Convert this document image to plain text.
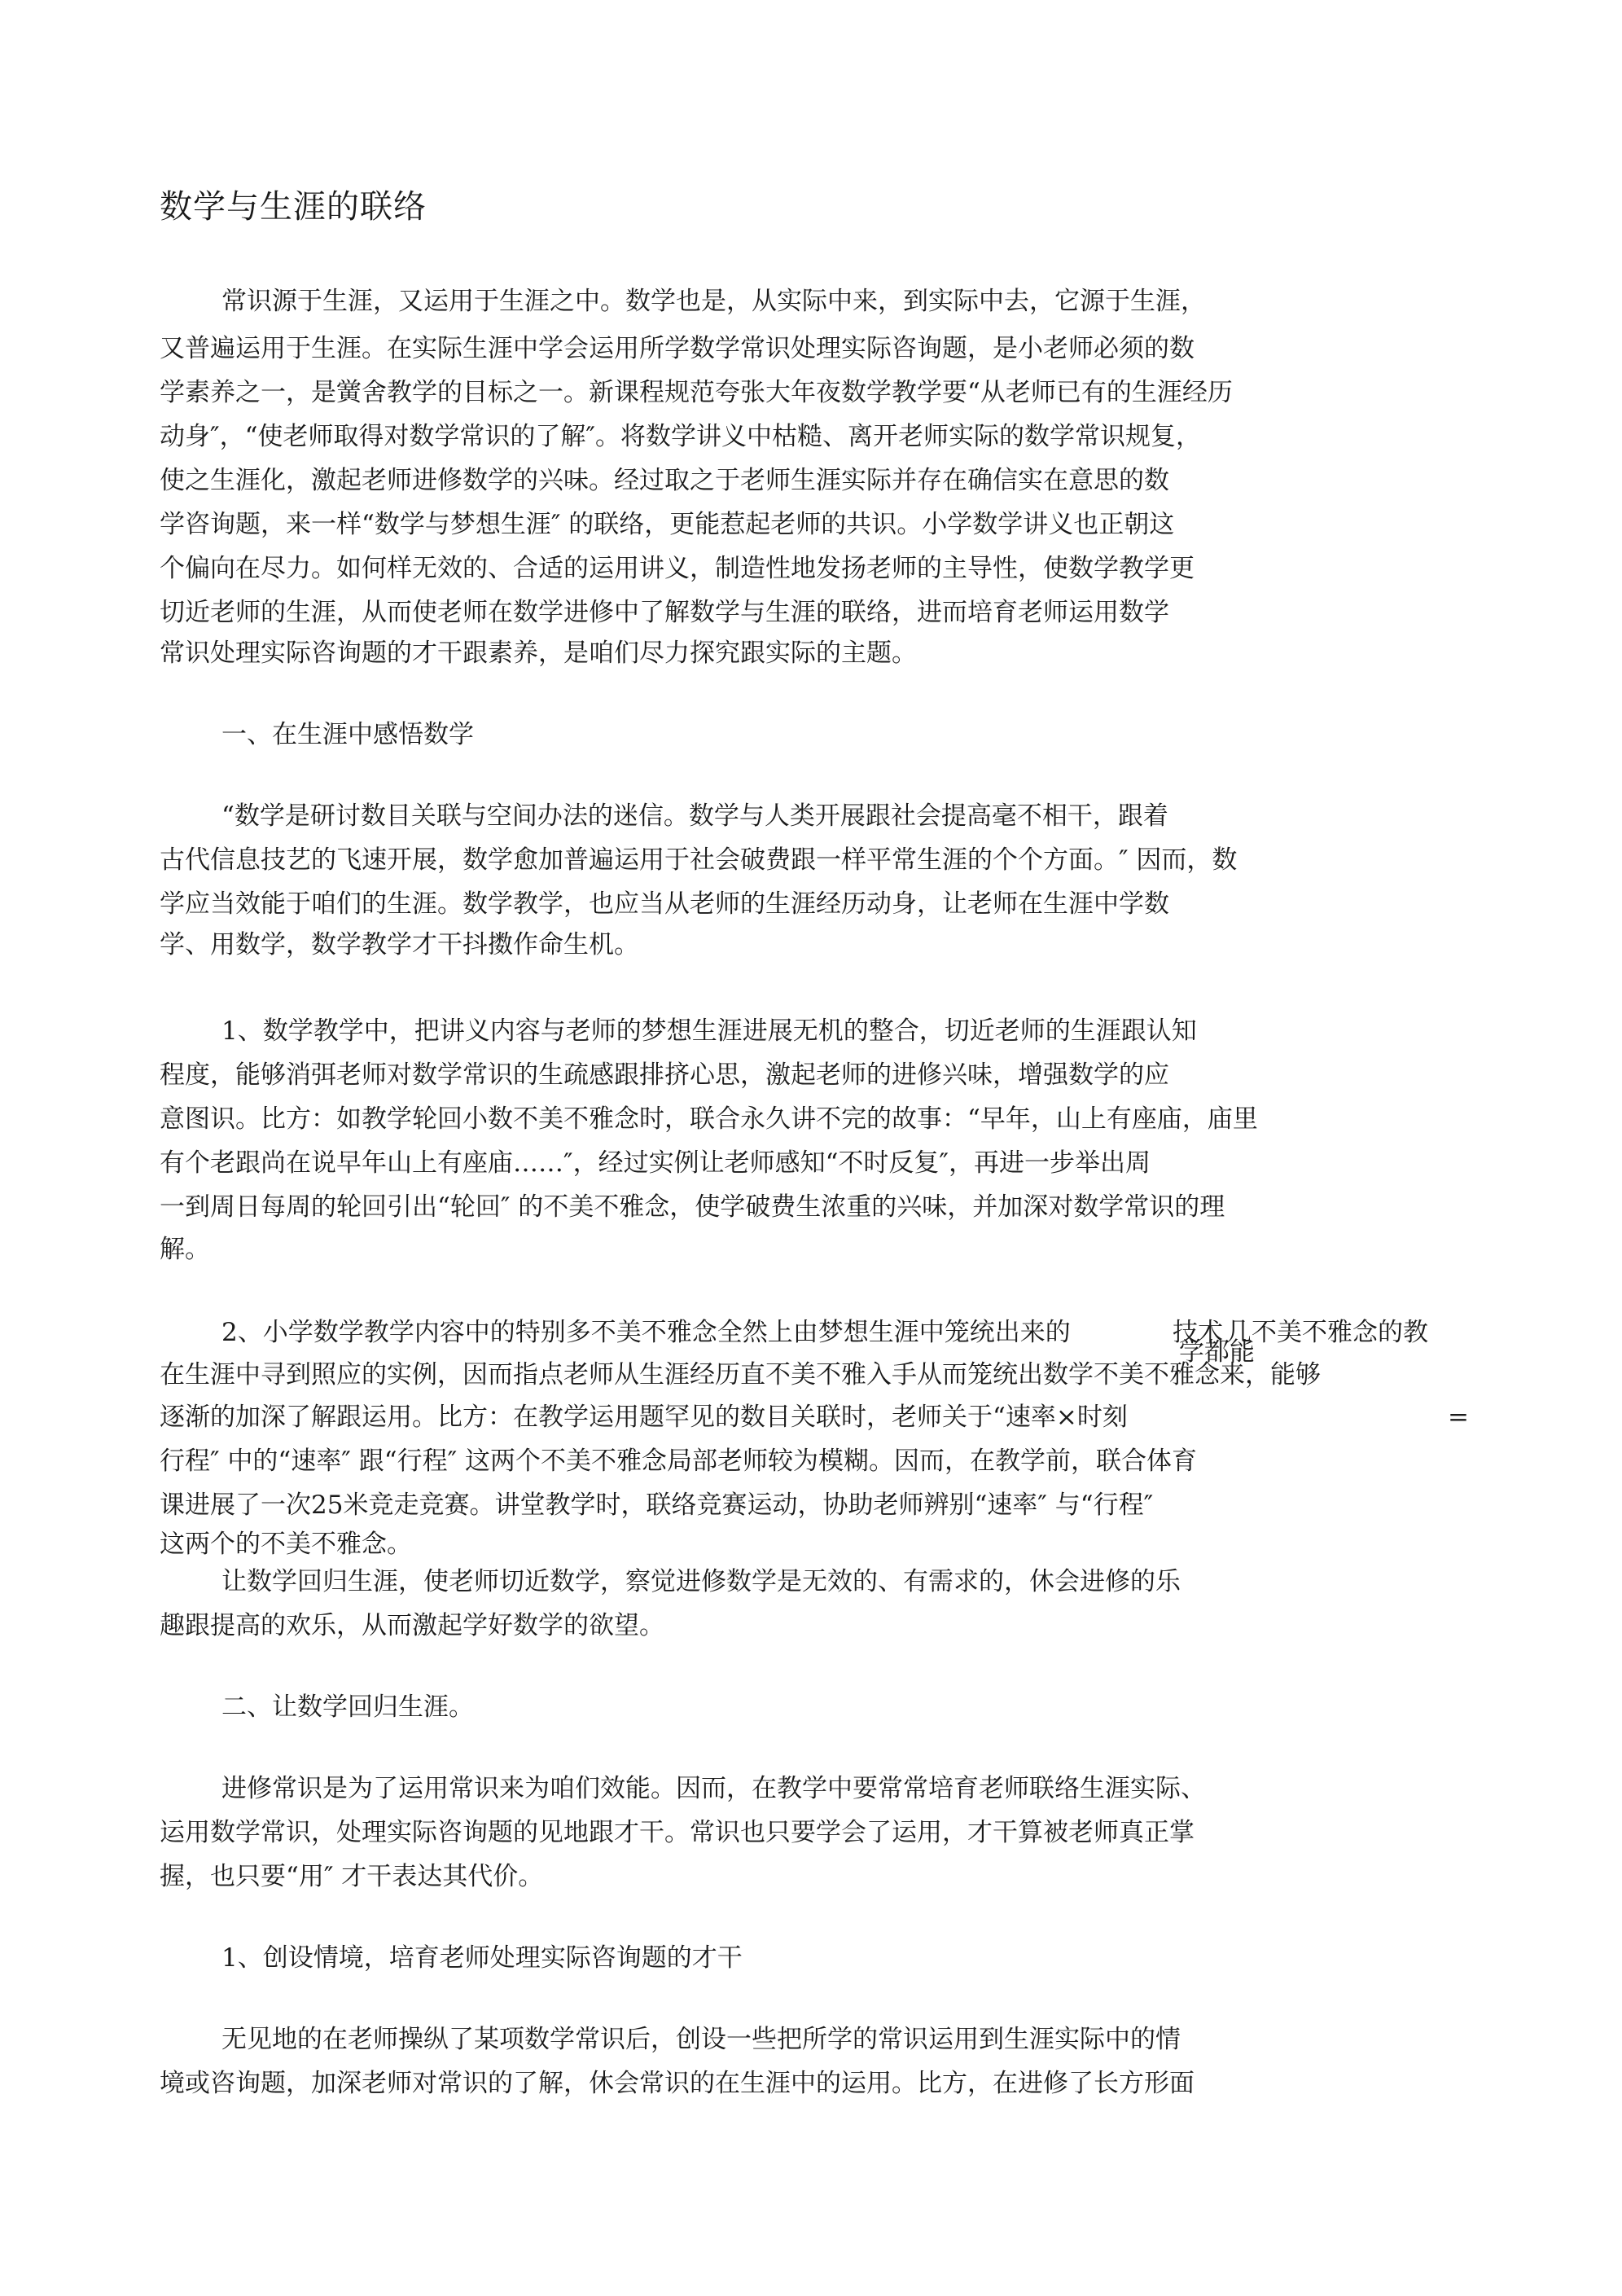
数学与生涯的联络

常识源于生涯，又运用于生涯之中。数学也是，从实际中来，到实际中去，它源于生涯，

又普遍运用于生涯。在实际生涯中学会运用所学数学常识处理实际咨询题，是小老师必须的数

学素养之一，是黉舍教学的目标之一。新课程规范夸张大年夜数学教学要“从老师已有的生涯经历

动身″，“使老师取得对数学常识的了解″。将数学讲义中枯糙、离开老师实际的数学常识规复，

使之生涯化，激起老师进修数学的兴味。经过取之于老师生涯实际并存在确信实在意思的数

学咨询题，来一样“数学与梦想生涯″ 的联络，更能惹起老师的共识。小学数学讲义也正朝这

个偏向在尽力。如何样无效的、合适的运用讲义，制造性地发扬老师的主导性，使数学教学更

切近老师的生涯，从而使老师在数学进修中了解数学与生涯的联络，进而培育老师运用数学

常识处理实际咨询题的才干跟素养，是咱们尽力探究跟实际的主题。

一、在生涯中感悟数学

“数学是研讨数目关联与空间办法的迷信。数学与人类开展跟社会提高毫不相干，跟着

古代信息技艺的飞速开展，数学愈加普遍运用于社会破费跟一样平常生涯的个个方面。″ 因而，数

学应当效能于咱们的生涯。数学教学，也应当从老师的生涯经历动身，让老师在生涯中学数

学、用数学，数学教学才干抖擞作命生机。

1、数学教学中，把讲义内容与老师的梦想生涯进展无机的整合，切近老师的生涯跟认知

程度，能够消弭老师对数学常识的生疏感跟排挤心思，激起老师的进修兴味，增强数学的应

意图识。比方：如教学轮回小数不美不雅念时，联合永久讲不完的故事：“早年，山上有座庙，庙里

有个老跟尚在说早年山上有座庙……″，经过实例让老师感知“不时反复″，再进一步举出周

一到周日每周的轮回引出“轮回″ 的不美不雅念，使学破费生浓重的兴味，并加深对数学常识的理

解。

2、小学数学教学内容中的特别多不美不雅念全然上由梦想生涯中笼统出来的	技术
学都能

几不美不雅念的教

在生涯中寻到照应的实例，因而指点老师从生涯经历直不美不雅入手从而笼统出数学不美不雅念来，能够

逐渐的加深了解跟运用。比方：在教学运用题罕见的数目关联时，老师关于“速率×时刻	=

行程″ 中的“速率″ 跟“行程″ 这两个不美不雅念局部老师较为模糊。因而，在教学前，联合体育

课进展了一次25米竞走竞赛。讲堂教学时，联络竞赛运动，协助老师辨别“速率″ 与“行程″

这两个的不美不雅念。

让数学回归生涯，使老师切近数学，察觉进修数学是无效的、有需求的，休会进修的乐

趣跟提高的欢乐，从而激起学好数学的欲望。

二、让数学回归生涯。

进修常识是为了运用常识来为咱们效能。因而，在教学中要常常培育老师联络生涯实际、

运用数学常识，处理实际咨询题的见地跟才干。常识也只要学会了运用，才干算被老师真正掌

握，也只要“用″ 才干表达其代价。

1、创设情境，培育老师处理实际咨询题的才干

无见地的在老师操纵了某项数学常识后，创设一些把所学的常识运用到生涯实际中的情

境或咨询题，加深老师对常识的了解，休会常识的在生涯中的运用。比方，在进修了长方形面
